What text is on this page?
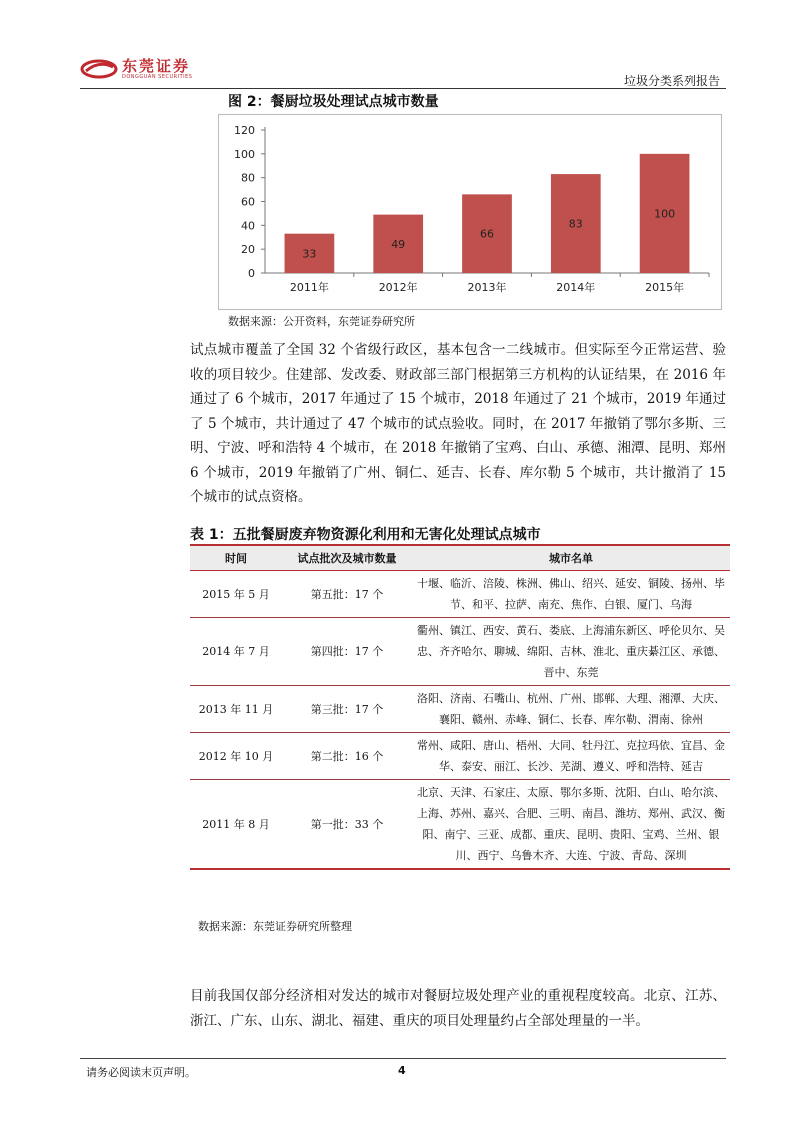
东莞证券
DONGGUAN SECURITIES	垃圾分类系列报告
图 2：餐厨垃圾处理试点城市数量
0
20
40
60
80
100
120
33
2011年
49
2012年
66
2013年
83
2014年
100
2015年
数据来源：公开资料，东莞证券研究所
试点城市覆盖了全国 32 个省级行政区，基本包含一二线城市。但实际至今正常运营、验收的项目较少。住建部、发改委、财政部三部门根据第三方机构的认证结果，在 2016 年通过了 6 个城市，2017 年通过了 15 个城市，2018 年通过了 21 个城市，2019 年通过了 5 个城市，共计通过了 47 个城市的试点验收。同时，在 2017 年撤销了鄂尔多斯、三明、宁波、呼和浩特 4 个城市，在 2018 年撤销了宝鸡、白山、承德、湘潭、昆明、郑州 6 个城市，2019 年撤销了广州、铜仁、延吉、长春、库尔勒 5 个城市，共计撤消了 15 个城市的试点资格。
表 1：五批餐厨废弃物资源化利用和无害化处理试点城市
时间	试点批次及城市数量	城市名单
2015 年 5 月	第五批：17 个	十堰、临沂、涪陵、株洲、佛山、绍兴、延安、铜陵、扬州、毕节、和平、拉萨、南充、焦作、白银、厦门、乌海
2014 年 7 月	第四批：17 个	衢州、镇江、西安、黄石、娄底、上海浦东新区、呼伦贝尔、吴忠、齐齐哈尔、聊城、绵阳、吉林、淮北、重庆綦江区、承德、晋中、东莞
2013 年 11 月	第三批：17 个	洛阳、济南、石嘴山、杭州、广州、邯郸、大理、湘潭、大庆、襄阳、赣州、赤峰、铜仁、长春、库尔勒、渭南、徐州
2012 年 10 月	第二批：16 个	常州、咸阳、唐山、梧州、大同、牡丹江、克拉玛依、宜昌、金华、泰安、丽江、长沙、芜湖、遵义、呼和浩特、延吉
2011 年 8 月	第一批：33 个	北京、天津、石家庄、太原、鄂尔多斯、沈阳、白山、哈尔滨、上海、苏州、嘉兴、合肥、三明、南昌、潍坊、郑州、武汉、衡阳、南宁、三亚、成都、重庆、昆明、贵阳、宝鸡、兰州、银川、西宁、乌鲁木齐、大连、宁波、青岛、深圳
数据来源：东莞证券研究所整理
目前我国仅部分经济相对发达的城市对餐厨垃圾处理产业的重视程度较高。北京、江苏、浙江、广东、山东、湖北、福建、重庆的项目处理量约占全部处理量的一半。
请务必阅读末页声明。	4
